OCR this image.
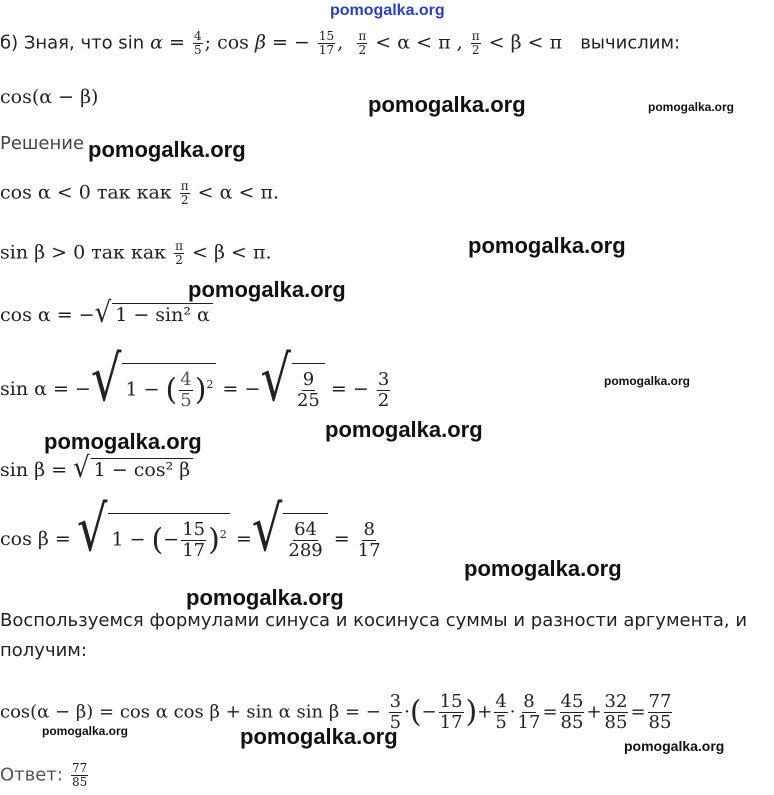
pomogalka.org
pomogalka.org	pomogalka.org
pomogalka.org
pomogalka.org
pomogalka.org
pomogalka.org
pomogalka.org
pomogalka.org
pomogalka.org
pomogalka.org
pomogalka.org	pomogalka.org	pomogalka.org
б) Зная, что $\sin \alpha = \frac{4}{5}$ ; cos β = − $\frac{15}{17}$ , $\frac{\pi}{2} < \alpha < \pi$ , $\frac{\pi}{2} < \beta < \pi$ вычислим:
cos(α − β)
Решение
cos α < 0 так как $\frac{\pi}{2} < \alpha < \pi$.
sin β > 0 так как $\frac{\pi}{2} < \beta < \pi$.
cos α = −√ 1 − sin² α
sin α = −√ 1 − ( $\frac{4}{5} )^2$ = −√ $\frac{9}{25}$ = − $\frac{3}{2}$
sin β = √ 1 − cos² β
cos β = √ 1 − (− $\frac{15}{17} )^2$ =√ $\frac{64}{289} = \frac{8}{17}$
Воспользуемся формулами синуса и косинуса суммы и разности аргумента, и
получим:
cos(α − β) = cos α cos β + sin α sin β = − $\frac{3}{5}$ ·(− $\frac{15}{17}$ )+ $\frac{4}{5} \cdot \frac{8}{17} = \frac{45}{85} + \frac{32}{85} = \frac{77}{85}$
Ответ: $\frac{77}{85}$
